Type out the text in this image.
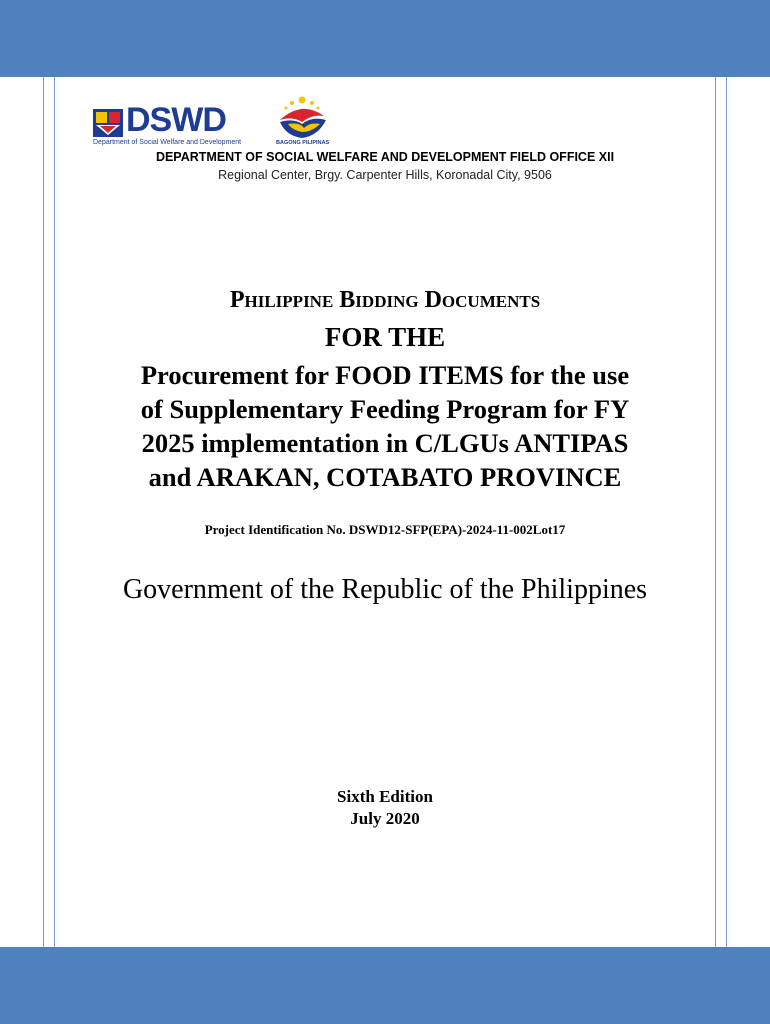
DSWD
Department of Social Welfare and Development	BAGONG PILIPINAS
DEPARTMENT OF SOCIAL WELFARE AND DEVELOPMENT FIELD OFFICE XII
Regional Center, Brgy. Carpenter Hills, Koronadal City, 9506
Philippine Bidding Documents
FOR THE
Procurement for FOOD ITEMS for the use
of Supplementary Feeding Program for FY
2025 implementation in C/LGUs ANTIPAS
and ARAKAN, COTABATO PROVINCE
Project Identification No. DSWD12-SFP(EPA)-2024-11-002Lot17
Government of the Republic of the Philippines
Sixth Edition
July 2020
